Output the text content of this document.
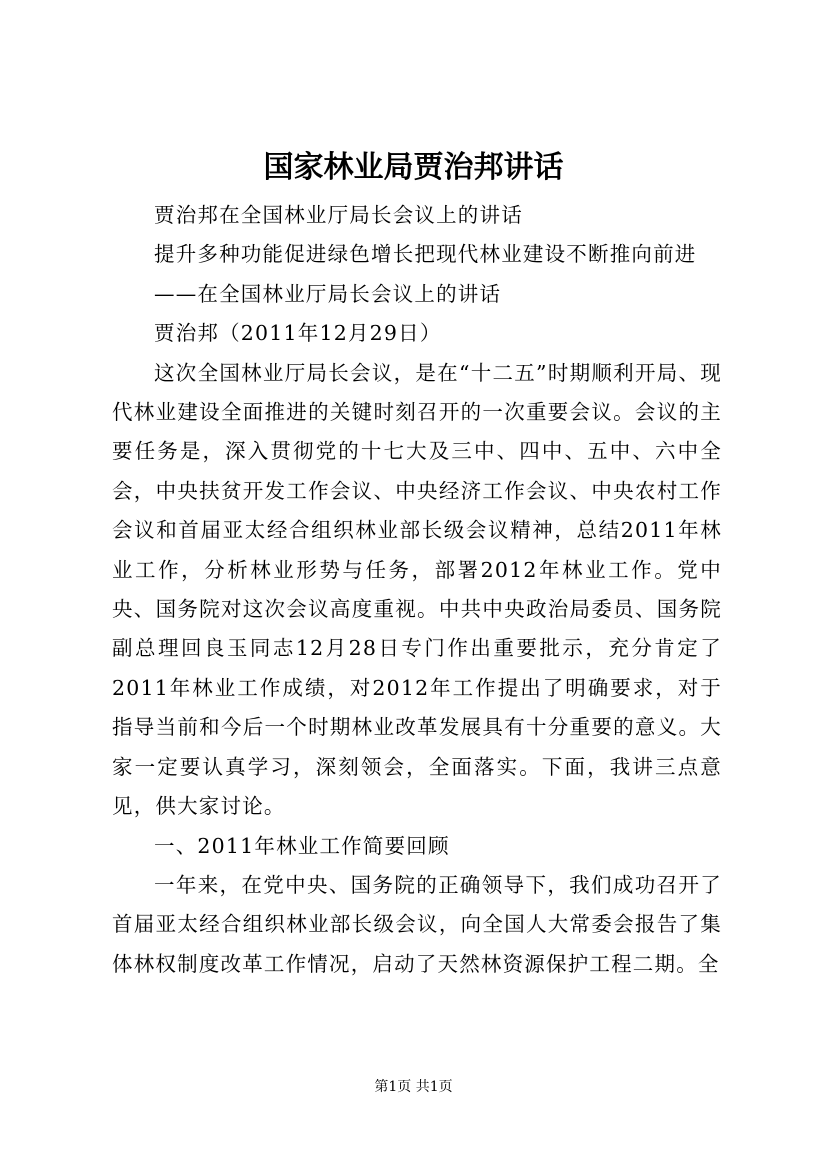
国家林业局贾治邦讲话

贾治邦在全国林业厅局长会议上的讲话

提升多种功能促进绿色增长把现代林业建设不断推向前进

——在全国林业厅局长会议上的讲话

贾治邦（2011年12月29日）

这次全国林业厅局长会议，是在“十二五”时期顺利开局、现代林业建设全面推进的关键时刻召开的一次重要会议。会议的主要任务是，深入贯彻党的十七大及三中、四中、五中、六中全会，中央扶贫开发工作会议、中央经济工作会议、中央农村工作会议和首届亚太经合组织林业部长级会议精神，总结2011年林业工作，分析林业形势与任务，部署2012年林业工作。党中央、国务院对这次会议高度重视。中共中央政治局委员、国务院副总理回良玉同志12月28日专门作出重要批示，充分肯定了2011年林业工作成绩，对2012年工作提出了明确要求，对于指导当前和今后一个时期林业改革发展具有十分重要的意义。大家一定要认真学习，深刻领会，全面落实。下面，我讲三点意见，供大家讨论。

一、2011年林业工作简要回顾

一年来，在党中央、国务院的正确领导下，我们成功召开了首届亚太经合组织林业部长级会议，向全国人大常委会报告了集体林权制度改革工作情况，启动了天然林资源保护工程二期。全

第1页 共1页
